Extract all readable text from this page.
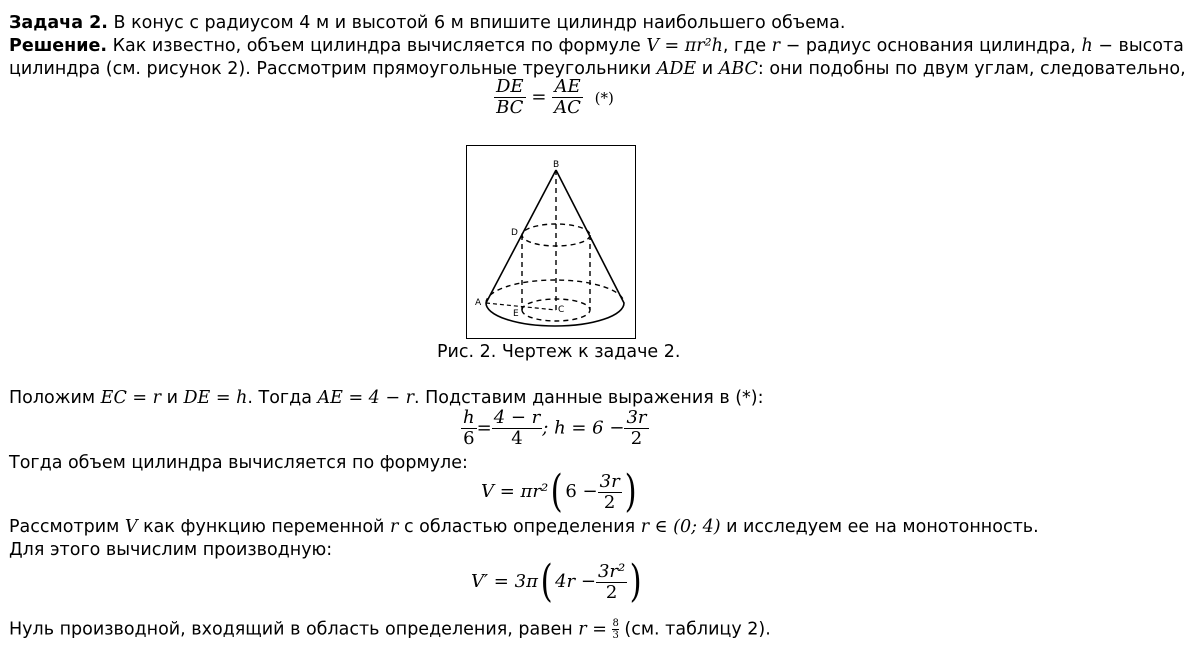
Задача 2. В конус с радиусом 4 м и высотой 6 м впишите цилиндр наибольшего объема.
Решение. Как известно, объем цилиндра вычисляется по формуле V = πr²h, где r − радиус основания цилиндра, h − высота
цилиндра (см. рисунок 2). Рассмотрим прямоугольные треугольники ADE и ABC: они подобны по двум углам, следовательно,
$\frac{DE}{BC} = \frac{AE}{AC}$ (*)
B
D
A
E	C
Рис. 2. Чертеж к задаче 2.
Положим EC = r и DE = h. Тогда AE = 4 − r. Подставим данные выражения в (*):
$\frac{h}{6} = \frac{4 - r}{4}$ ; $h = 6 - \frac{3r}{2}$
Тогда объем цилиндра вычисляется по формуле:
V = πr²( $6 - \frac{3r}{2}$ )
Рассмотрим V как функцию переменной r с областью определения r ∈ (0; 4) и исследуем ее на монотонность.
Для этого вычислим производную:
V′ = 3π( $4r - \frac{\text{3r²}}{2}$ )
Нуль производной, входящий в область определения, равен $r = \frac{8}{3} (см$. таблицу 2).
